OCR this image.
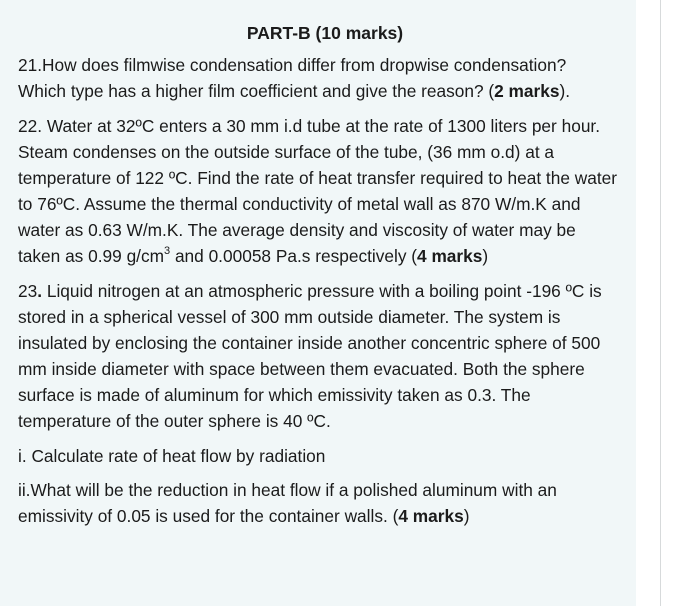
PART-B (10 marks)
21.How does filmwise condensation differ from dropwise condensation? Which type has a higher film coefficient and give the reason? (2 marks).
22. Water at 32ºC enters a 30 mm i.d tube at the rate of 1300 liters per hour. Steam condenses on the outside surface of the tube, (36 mm o.d) at a temperature of 122 ºC. Find the rate of heat transfer required to heat the water to 76ºC. Assume the thermal conductivity of metal wall as 870 W/m.K and water as 0.63 W/m.K. The average density and viscosity of water may be taken as 0.99 $g/cm^3$ and 0.00058 Pa.s respectively (4 marks)
23. Liquid nitrogen at an atmospheric pressure with a boiling point -196 ºC is stored in a spherical vessel of 300 mm outside diameter. The system is insulated by enclosing the container inside another concentric sphere of 500 mm inside diameter with space between them evacuated. Both the sphere surface is made of aluminum for which emissivity taken as 0.3. The temperature of the outer sphere is 40 ºC.
i. Calculate rate of heat flow by radiation
ii.What will be the reduction in heat flow if a polished aluminum with an emissivity of 0.05 is used for the container walls. (4 marks)
